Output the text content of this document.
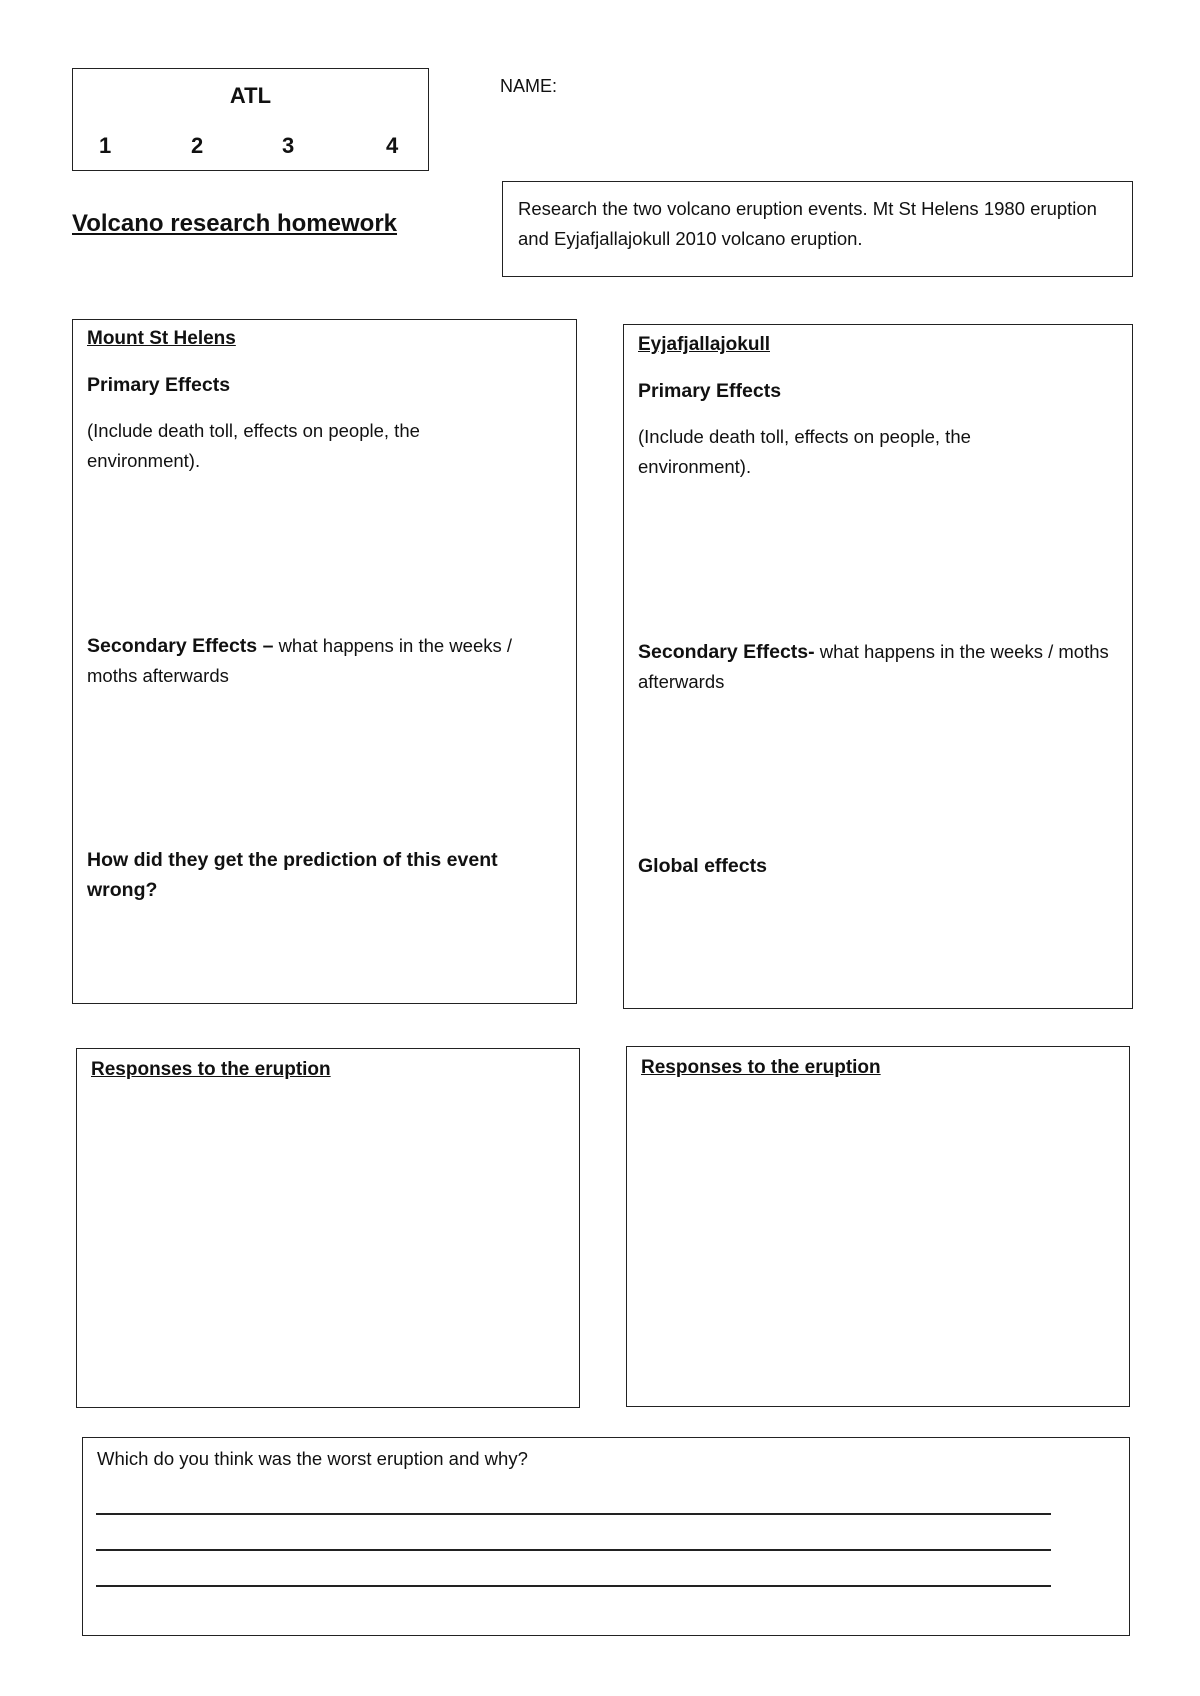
ATL
1	2	3	4
NAME:
Volcano research homework
Research the two volcano eruption events. Mt St Helens 1980 eruption and Eyjafjallajokull 2010 volcano eruption.
Mount St Helens
Primary Effects
(Include death toll, effects on people, the environment).
Secondary Effects – what happens in the weeks / moths afterwards
How did they get the prediction of this event wrong?
Eyjafjallajokull
Primary Effects
(Include death toll, effects on people, the environment).
Secondary Effects- what happens in the weeks / moths afterwards
Global effects
Responses to the eruption	Responses to the eruption
Which do you think was the worst eruption and why?
